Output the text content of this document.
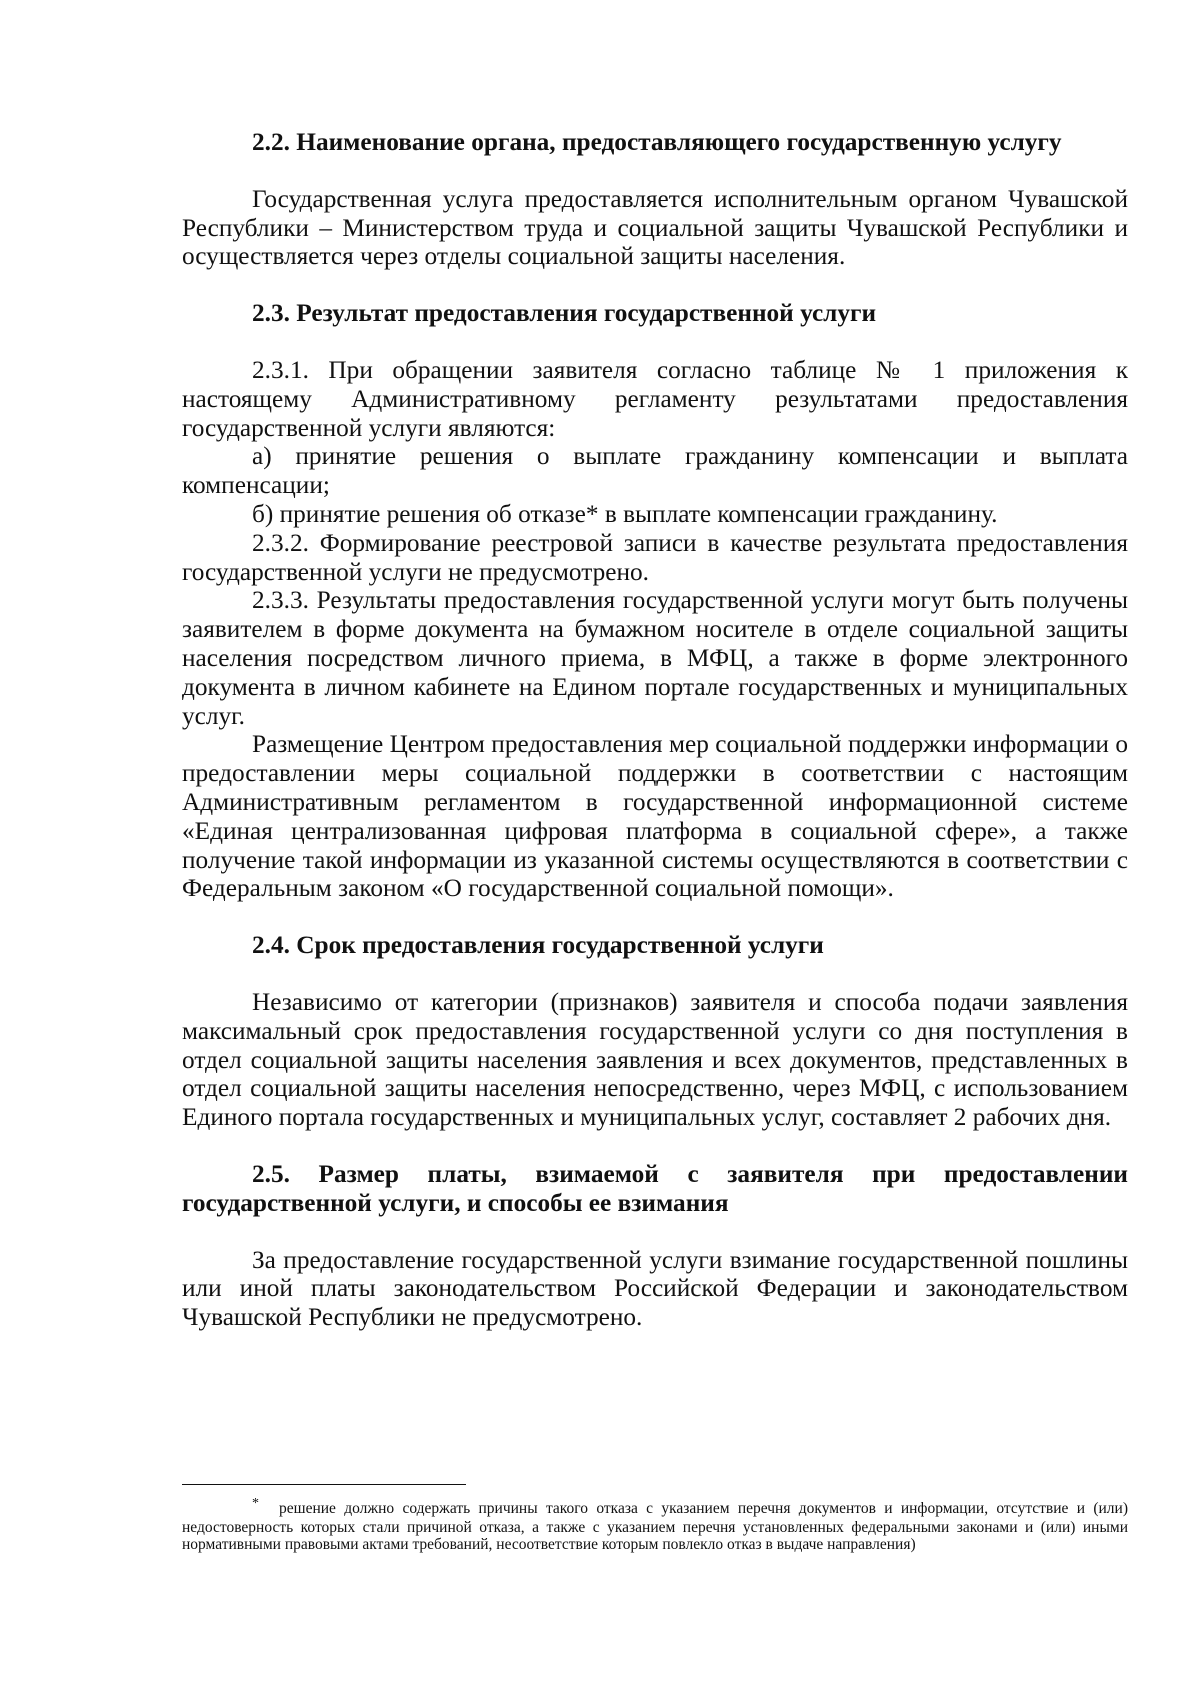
2.2. Наименование органа, предоставляющего государственную услугу

Государственная услуга предоставляется исполнительным органом Чувашской Республики – Министерством труда и социальной защиты Чувашской Республики и осуществляется через отделы социальной защиты населения.

2.3. Результат предоставления государственной услуги

2.3.1. При обращении заявителя согласно таблице № 1 приложения к настоящему Административному регламенту результатами предоставления государственной услуги являются:

а) принятие решения о выплате гражданину компенсации и выплата компенсации;

б) принятие решения об отказе* в выплате компенсации гражданину.

2.3.2. Формирование реестровой записи в качестве результата предоставления государственной услуги не предусмотрено.

2.3.3. Результаты предоставления государственной услуги могут быть получены заявителем в форме документа на бумажном носителе в отделе социальной защиты населения посредством личного приема, в МФЦ, а также в форме электронного документа в личном кабинете на Едином портале государственных и муниципальных услуг.

Размещение Центром предоставления мер социальной поддержки информации о предоставлении меры социальной поддержки в соответствии с настоящим Административным регламентом в государственной информационной системе «Единая централизованная цифровая платформа в социальной сфере», а также получение такой информации из указанной системы осуществляются в соответствии с Федеральным законом «О государственной социальной помощи».

2.4. Срок предоставления государственной услуги

Независимо от категории (признаков) заявителя и способа подачи заявления максимальный срок предоставления государственной услуги со дня поступления в отдел социальной защиты населения заявления и всех документов, представленных в отдел социальной защиты населения непосредственно, через МФЦ, с использованием Единого портала государственных и муниципальных услуг, составляет 2 рабочих дня.

2.5. Размер платы, взимаемой с заявителя при предоставлении государственной услуги, и способы ее взимания

За предоставление государственной услуги взимание государственной пошлины или иной платы законодательством Российской Федерации и законодательством Чувашской Республики не предусмотрено.

* решение должно содержать причины такого отказа с указанием перечня документов и информации, отсутствие и (или) недостоверность которых стали причиной отказа, а также с указанием перечня установленных федеральными законами и (или) иными нормативными правовыми актами требований, несоответствие которым повлекло отказ в выдаче направления)
